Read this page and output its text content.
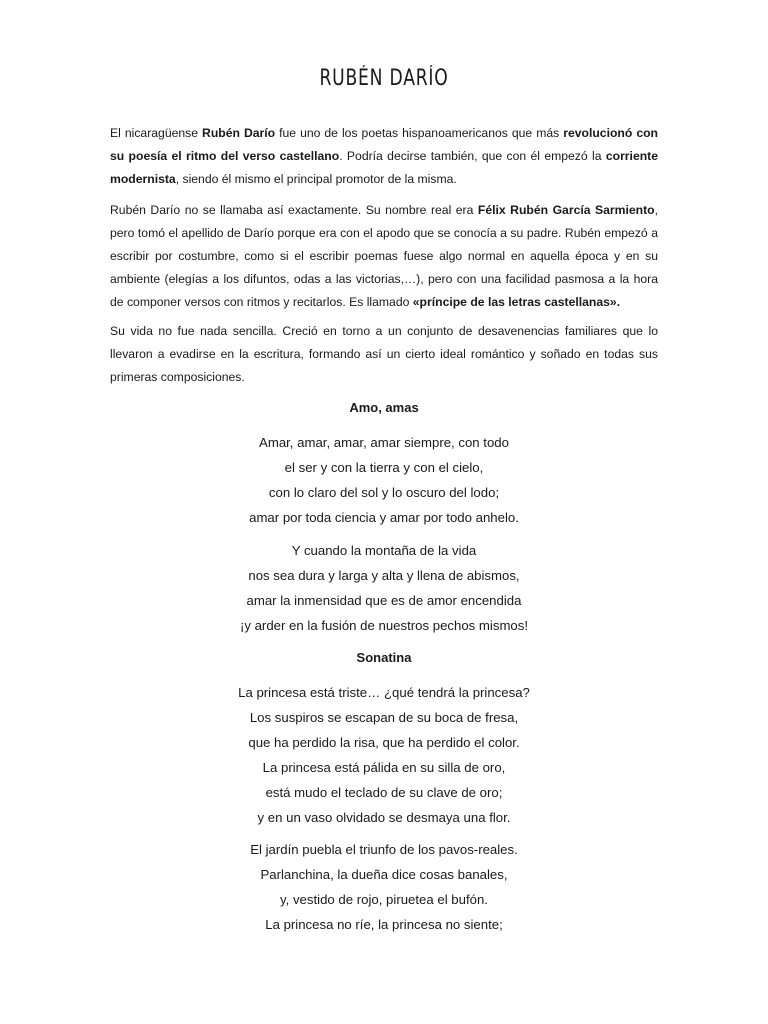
RUBÉN DARÍO

El nicaragüense Rubén Darío fue uno de los poetas hispanoamericanos que más revolucionó con su poesía el ritmo del verso castellano. Podría decirse también, que con él empezó la corriente modernista, siendo él mismo el principal promotor de la misma.

Rubén Darío no se llamaba así exactamente. Su nombre real era Félix Rubén García Sarmiento, pero tomó el apellido de Darío porque era con el apodo que se conocía a su padre. Rubén empezó a escribir por costumbre, como si el escribir poemas fuese algo normal en aquella época y en su ambiente (elegías a los difuntos, odas a las victorias,…), pero con una facilidad pasmosa a la hora de componer versos con ritmos y recitarlos. Es llamado «príncipe de las letras castellanas».

Su vida no fue nada sencilla. Creció en torno a un conjunto de desavenencias familiares que lo llevaron a evadirse en la escritura, formando así un cierto ideal romántico y soñado en todas sus primeras composiciones.

Amo, amas
Amar, amar, amar, amar siempre, con todo
el ser y con la tierra y con el cielo,
con lo claro del sol y lo oscuro del lodo;
amar por toda ciencia y amar por todo anhelo.
Y cuando la montaña de la vida
nos sea dura y larga y alta y llena de abismos,
amar la inmensidad que es de amor encendida
¡y arder en la fusión de nuestros pechos mismos!
Sonatina
La princesa está triste… ¿qué tendrá la princesa?
Los suspiros se escapan de su boca de fresa,
que ha perdido la risa, que ha perdido el color.
La princesa está pálida en su silla de oro,
está mudo el teclado de su clave de oro;
y en un vaso olvidado se desmaya una flor.
El jardín puebla el triunfo de los pavos-reales.
Parlanchina, la dueña dice cosas banales,
y, vestido de rojo, piruetea el bufón.
La princesa no ríe, la princesa no siente;
